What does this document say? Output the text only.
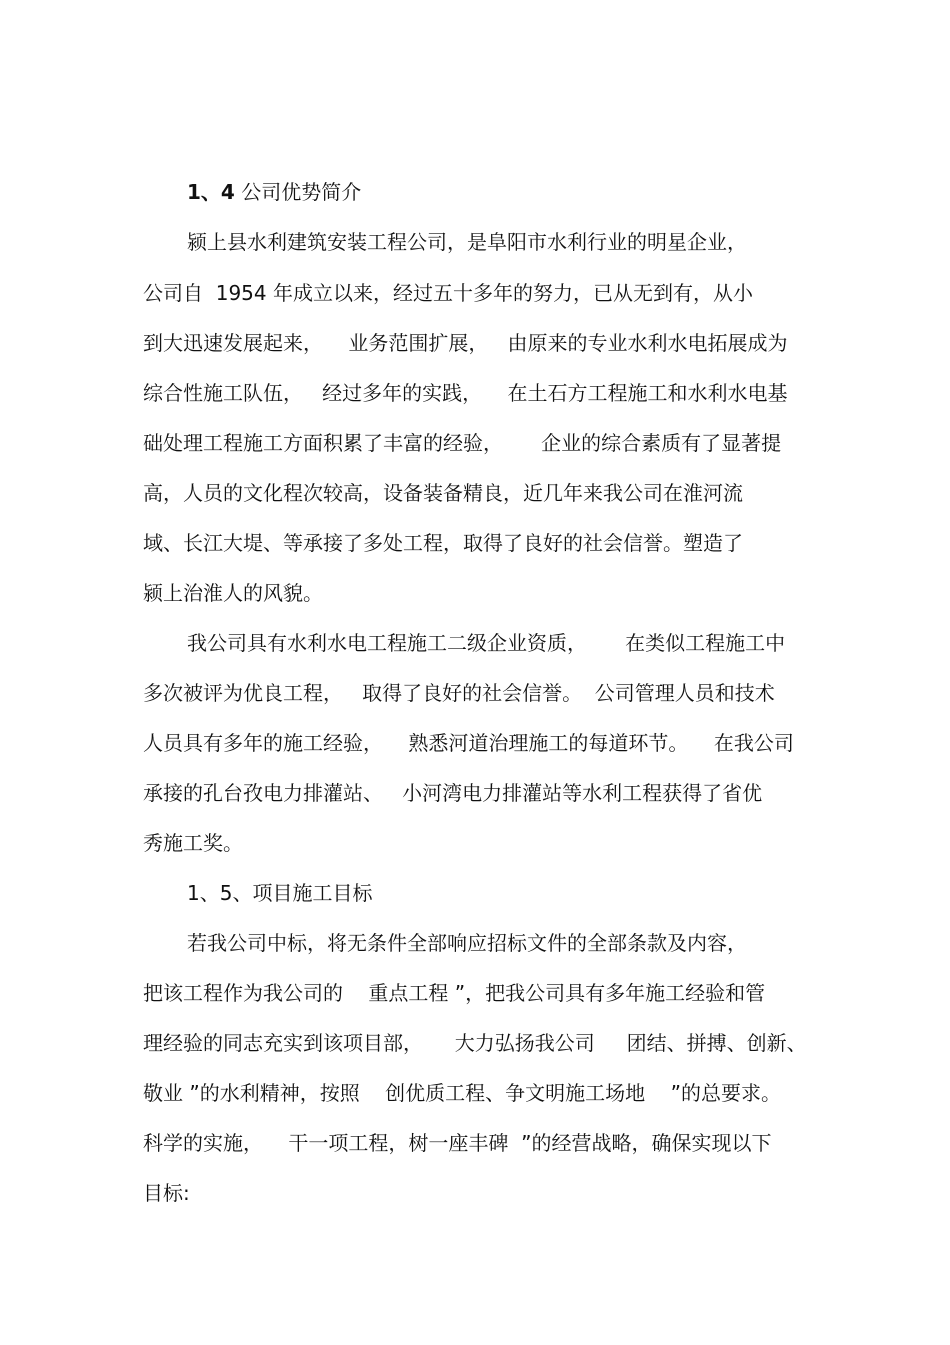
1、4 公司优势简介
颍上县水利建筑安装工程公司，是阜阳市水利行业的明星企业，
公司自  1954 年成立以来，经过五十多年的努力，已从无到有，从小
到大迅速发展起来，    业务范围扩展，   由原来的专业水利水电拓展成为
综合性施工队伍，   经过多年的实践，    在土石方工程施工和水利水电基
础处理工程施工方面积累了丰富的经验，      企业的综合素质有了显著提
高，人员的文化程次较高，设备装备精良，近几年来我公司在淮河流
域、长江大堤、等承接了多处工程，取得了良好的社会信誉。塑造了
颍上治淮人的风貌。
我公司具有水利水电工程施工二级企业资质，      在类似工程施工中
多次被评为优良工程，   取得了良好的社会信誉。  公司管理人员和技术
人员具有多年的施工经验，    熟悉河道治理施工的每道环节。    在我公司
承接的孔台孜电力排灌站、   小河湾电力排灌站等水利工程获得了省优
秀施工奖。
1、5、项目施工目标
若我公司中标，将无条件全部响应招标文件的全部条款及内容，
把该工程作为我公司的    重点工程 ”，把我公司具有多年施工经验和管
理经验的同志充实到该项目部，     大力弘扬我公司     团结、拼搏、创新、
敬业 ”的水利精神，按照    创优质工程、争文明施工场地    ”的总要求。
科学的实施，    干一项工程，树一座丰碑  ”的经营战略，确保实现以下
目标:
